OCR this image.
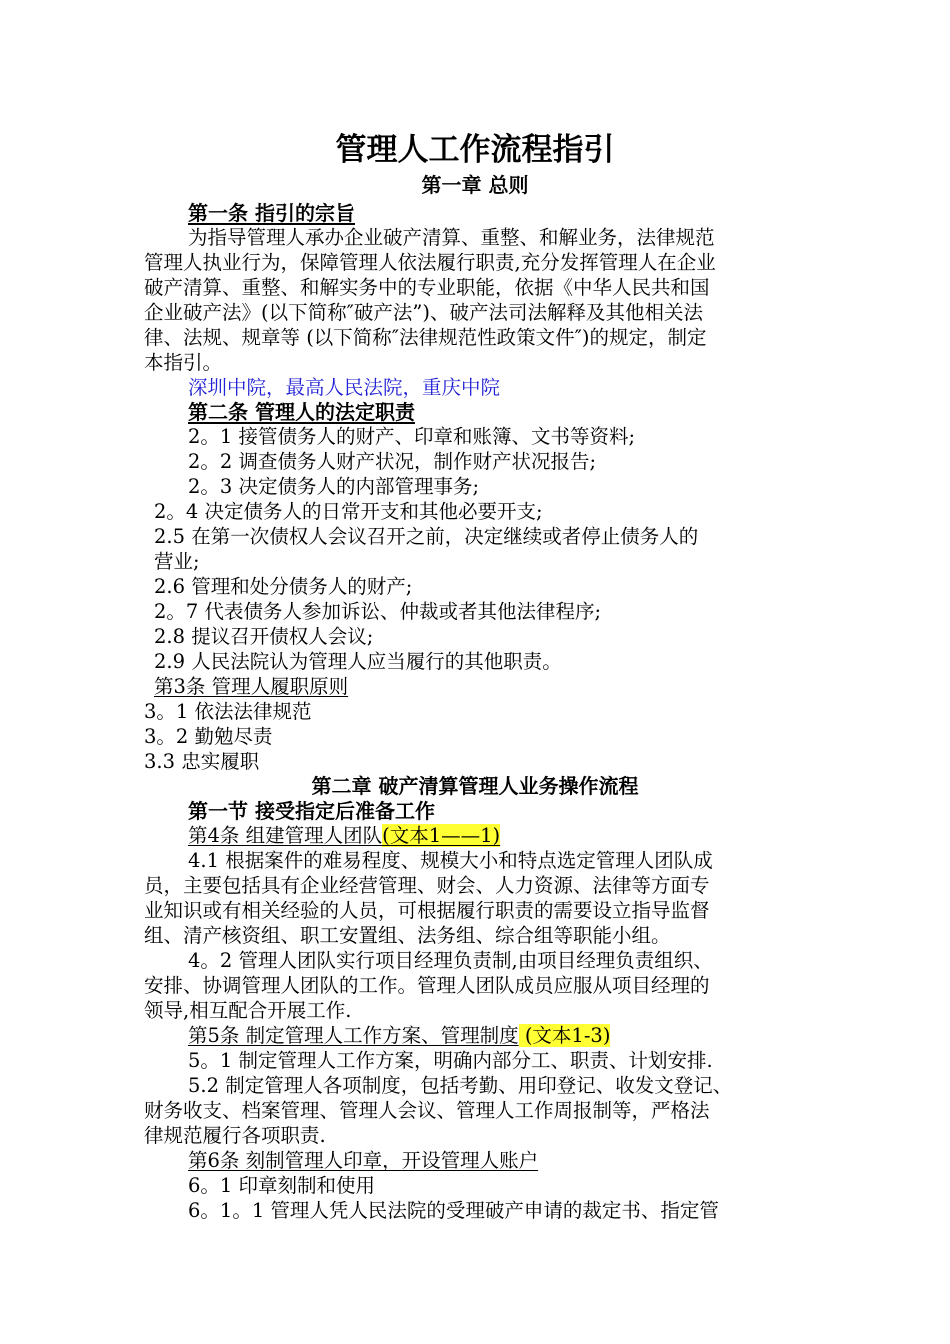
管理人工作流程指引
第一章 总则
第一条 指引的宗旨
为指导管理人承办企业破产清算、重整、和解业务，法律规范
管理人执业行为，保障管理人依法履行职责,充分发挥管理人在企业
破产清算、重整、和解实务中的专业职能，依据《中华人民共和国
企业破产法》(以下简称″破产法”)、破产法司法解释及其他相关法
律、法规、规章等 (以下简称″法律规范性政策文件″)的规定，制定
本指引。
深圳中院，最高人民法院，重庆中院
第二条 管理人的法定职责
2。1 接管债务人的财产、印章和账簿、文书等资料;
2。2 调查债务人财产状况，制作财产状况报告;
2。3 决定债务人的内部管理事务;
2。4 决定债务人的日常开支和其他必要开支;
2.5 在第一次债权人会议召开之前，决定继续或者停止债务人的
营业;
2.6 管理和处分债务人的财产;
2。7 代表债务人参加诉讼、仲裁或者其他法律程序;
2.8 提议召开债权人会议;
2.9 人民法院认为管理人应当履行的其他职责。
第3条 管理人履职原则
3。1 依法法律规范
3。2 勤勉尽责
3.3 忠实履职
第二章 破产清算管理人业务操作流程
第一节 接受指定后准备工作
第4条 组建管理人团队(文本1——1)
4.1 根据案件的难易程度、规模大小和特点选定管理人团队成
员，主要包括具有企业经营管理、财会、人力资源、法律等方面专
业知识或有相关经验的人员，可根据履行职责的需要设立指导监督
组、清产核资组、职工安置组、法务组、综合组等职能小组。
4。2 管理人团队实行项目经理负责制,由项目经理负责组织、
安排、协调管理人团队的工作。管理人团队成员应服从项目经理的
领导,相互配合开展工作.
第5条 制定管理人工作方案、管理制度 (文本1-3)
5。1 制定管理人工作方案，明确内部分工、职责、计划安排.
5.2 制定管理人各项制度，包括考勤、用印登记、收发文登记、
财务收支、档案管理、管理人会议、管理人工作周报制等，严格法
律规范履行各项职责.
第6条 刻制管理人印章，开设管理人账户
6。1 印章刻制和使用
6。1。1 管理人凭人民法院的受理破产申请的裁定书、指定管
